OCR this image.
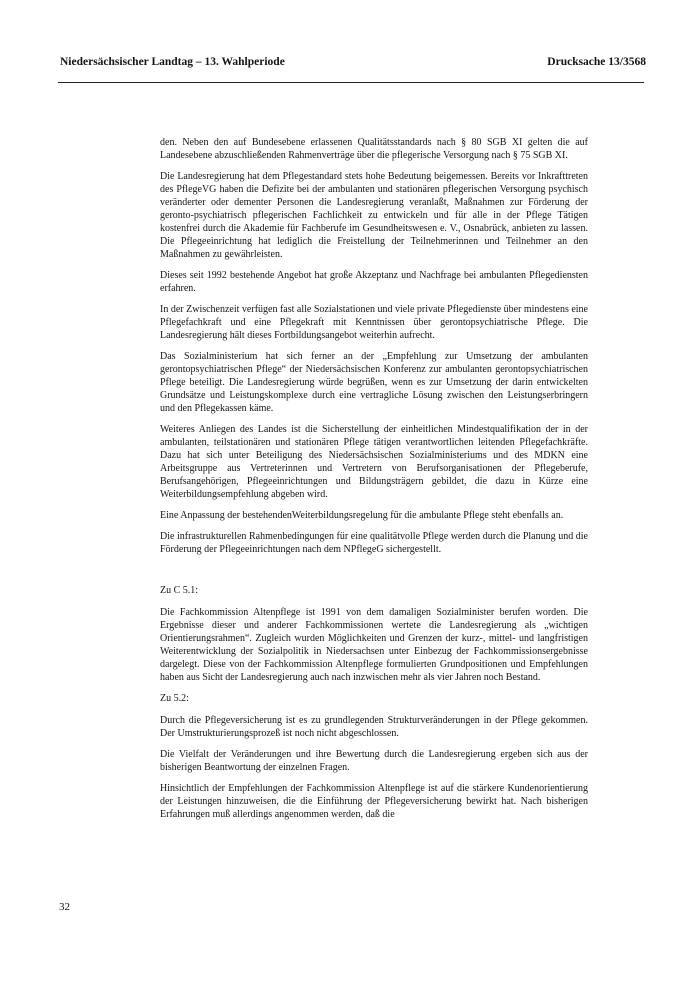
Niedersächsischer Landtag – 13. Wahlperiode	Drucksache 13/3568

den. Neben den auf Bundesebene erlassenen Qualitätsstandards nach § 80 SGB XI gelten die auf Landesebene abzuschließenden Rahmenverträge über die pflegerische Versorgung nach § 75 SGB XI.

Die Landesregierung hat dem Pflegestandard stets hohe Bedeutung beigemessen. Bereits vor Inkrafttreten des PflegeVG haben die Defizite bei der ambulanten und stationären pflegerischen Versorgung psychisch veränderter oder dementer Personen die Landesregierung veranlaßt, Maßnahmen zur Förderung der geronto-psychiatrisch pflegerischen Fachlichkeit zu entwickeln und für alle in der Pflege Tätigen kostenfrei durch die Akademie für Fachberufe im Gesundheitswesen e. V., Osnabrück, anbieten zu lassen. Die Pflegeeinrichtung hat lediglich die Freistellung der Teilnehmerinnen und Teilnehmer an den Maßnahmen zu gewährleisten.

Dieses seit 1992 bestehende Angebot hat große Akzeptanz und Nachfrage bei ambulanten Pflegediensten erfahren.

In der Zwischenzeit verfügen fast alle Sozialstationen und viele private Pflegedienste über mindestens eine Pflegefachkraft und eine Pflegekraft mit Kenntnissen über gerontopsychiatrische Pflege. Die Landesregierung hält dieses Fortbildungsangebot weiterhin aufrecht.

Das Sozialministerium hat sich ferner an der „Empfehlung zur Umsetzung der ambulanten gerontopsychiatrischen Pflege“ der Niedersächsischen Konferenz zur ambulanten gerontopsychiatrischen Pflege beteiligt. Die Landesregierung würde begrüßen, wenn es zur Umsetzung der darin entwickelten Grundsätze und Leistungskomplexe durch eine vertragliche Lösung zwischen den Leistungserbringern und den Pflegekassen käme.

Weiteres Anliegen des Landes ist die Sicherstellung der einheitlichen Mindestqualifikation der in der ambulanten, teilstationären und stationären Pflege tätigen verantwortlichen leitenden Pflegefachkräfte. Dazu hat sich unter Beteiligung des Niedersächsischen Sozialministeriums und des MDKN eine Arbeitsgruppe aus Vertreterinnen und Vertretern von Berufsorganisationen der Pflegeberufe, Berufsangehörigen, Pflegeeinrichtungen und Bildungsträgern gebildet, die dazu in Kürze eine Weiterbildungsempfehlung abgeben wird.

Eine Anpassung der bestehendenWeiterbildungsregelung für die ambulante Pflege steht ebenfalls an.

Die infrastrukturellen Rahmenbedingungen für eine qualitätvolle Pflege werden durch die Planung und die Förderung der Pflegeeinrichtungen nach dem NPflegeG sichergestellt.

Zu C 5.1:

Die Fachkommission Altenpflege ist 1991 von dem damaligen Sozialminister berufen worden. Die Ergebnisse dieser und anderer Fachkommissionen wertete die Landesregierung als „wichtigen Orientierungsrahmen“. Zugleich wurden Möglichkeiten und Grenzen der kurz-, mittel- und langfristigen Weiterentwicklung der Sozialpolitik in Niedersachsen unter Einbezug der Fachkommissionsergebnisse dargelegt. Diese von der Fachkommission Altenpflege formulierten Grundpositionen und Empfehlungen haben aus Sicht der Landesregierung auch nach inzwischen mehr als vier Jahren noch Bestand.

Zu 5.2:

Durch die Pflegeversicherung ist es zu grundlegenden Strukturveränderungen in der Pflege gekommen. Der Umstrukturierungsprozeß ist noch nicht abgeschlossen.

Die Vielfalt der Veränderungen und ihre Bewertung durch die Landesregierung ergeben sich aus der bisherigen Beantwortung der einzelnen Fragen.

Hinsichtlich der Empfehlungen der Fachkommission Altenpflege ist auf die stärkere Kundenorientierung der Leistungen hinzuweisen, die die Einführung der Pflegeversicherung bewirkt hat. Nach bisherigen Erfahrungen muß allerdings angenommen werden, daß die

32
